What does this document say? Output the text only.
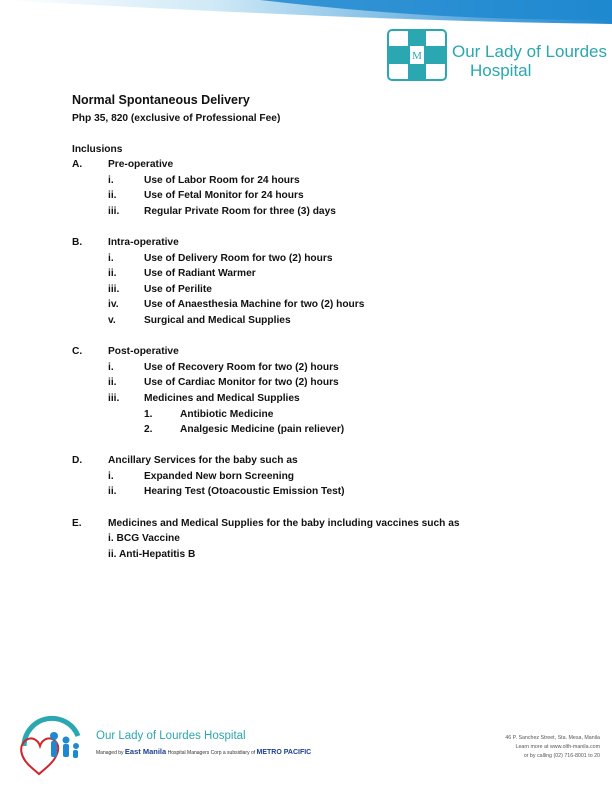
M Our Lady of Lourdes
Hospital
Normal Spontaneous Delivery
Php 35, 820 (exclusive of Professional Fee)
Inclusions
A.	Pre-operative
i.	Use of Labor Room for 24 hours
ii.	Use of Fetal Monitor for 24 hours
iii. Regular Private Room for three (3) days
B.	Intra-operative
i.	Use of Delivery Room for two (2) hours
ii.	Use of Radiant Warmer
iii. Use of Perilite
iv. Use of Anaesthesia Machine for two (2) hours
v.	Surgical and Medical Supplies
C.	Post-operative
i.	Use of Recovery Room for two (2) hours
ii.	Use of Cardiac Monitor for two (2) hours
iii. Medicines and Medical Supplies
1.	Antibiotic Medicine
2.	Analgesic Medicine (pain reliever)
D.	Ancillary Services for the baby such as
i.	Expanded New born Screening
ii.	Hearing Test (Otoacoustic Emission Test)
E.	Medicines and Medical Supplies for the baby including vaccines such as
i. BCG Vaccine
ii. Anti-Hepatitis B
Our Lady of Lourdes Hospital
Managed by East Manila Hospital Managers Corp a subsidiary of METRO PACIFIC
46 P. Sanchez Street, Sta. Mesa, Manila
Learn more at www.olth-manila.com
or by calling (02) 716-8001 to 20
